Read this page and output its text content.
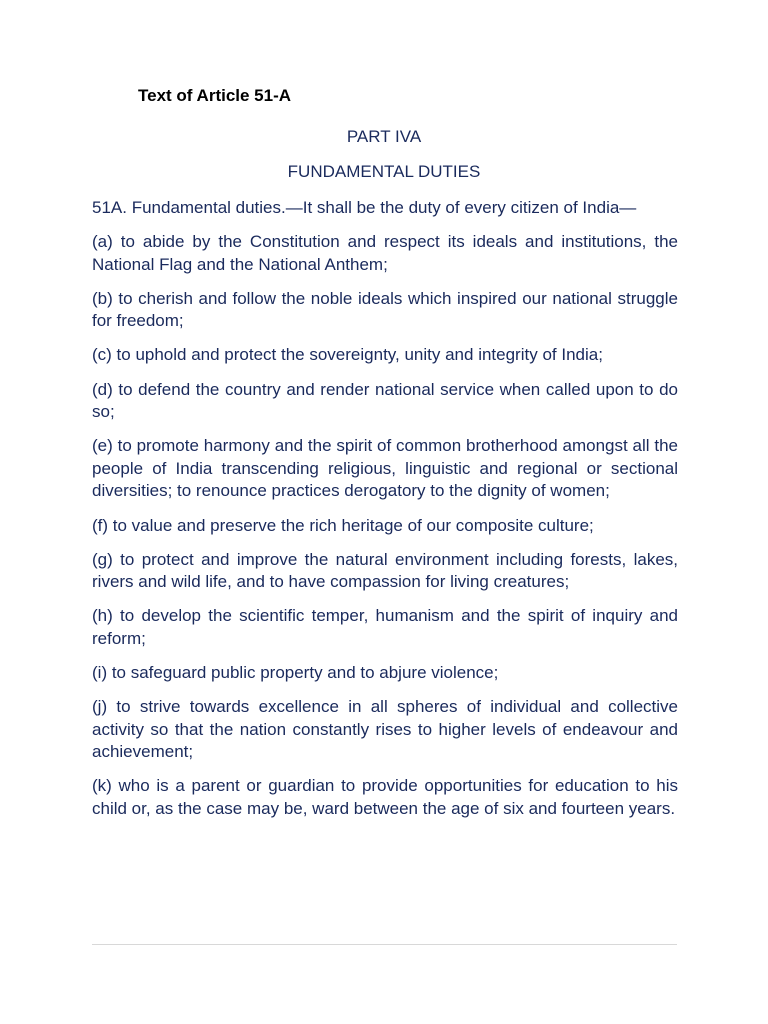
Text of Article 51-A
PART IVA
FUNDAMENTAL DUTIES

51A. Fundamental duties.—It shall be the duty of every citizen of India—

(a) to abide by the Constitution and respect its ideals and institutions, the National Flag and the National Anthem;

(b) to cherish and follow the noble ideals which inspired our national struggle for freedom;

(c) to uphold and protect the sovereignty, unity and integrity of India;

(d) to defend the country and render national service when called upon to do so;

(e) to promote harmony and the spirit of common brotherhood amongst all the people of India transcending religious, linguistic and regional or sectional diversities; to renounce practices derogatory to the dignity of women;

(f) to value and preserve the rich heritage of our composite culture;

(g) to protect and improve the natural environment including forests, lakes, rivers and wild life, and to have compassion for living creatures;

(h) to develop the scientific temper, humanism and the spirit of inquiry and reform;

(i) to safeguard public property and to abjure violence;

(j) to strive towards excellence in all spheres of individual and collective activity so that the nation constantly rises to higher levels of endeavour and achievement;

(k) who is a parent or guardian to provide opportunities for education to his child or, as the case may be, ward between the age of six and fourteen years.
